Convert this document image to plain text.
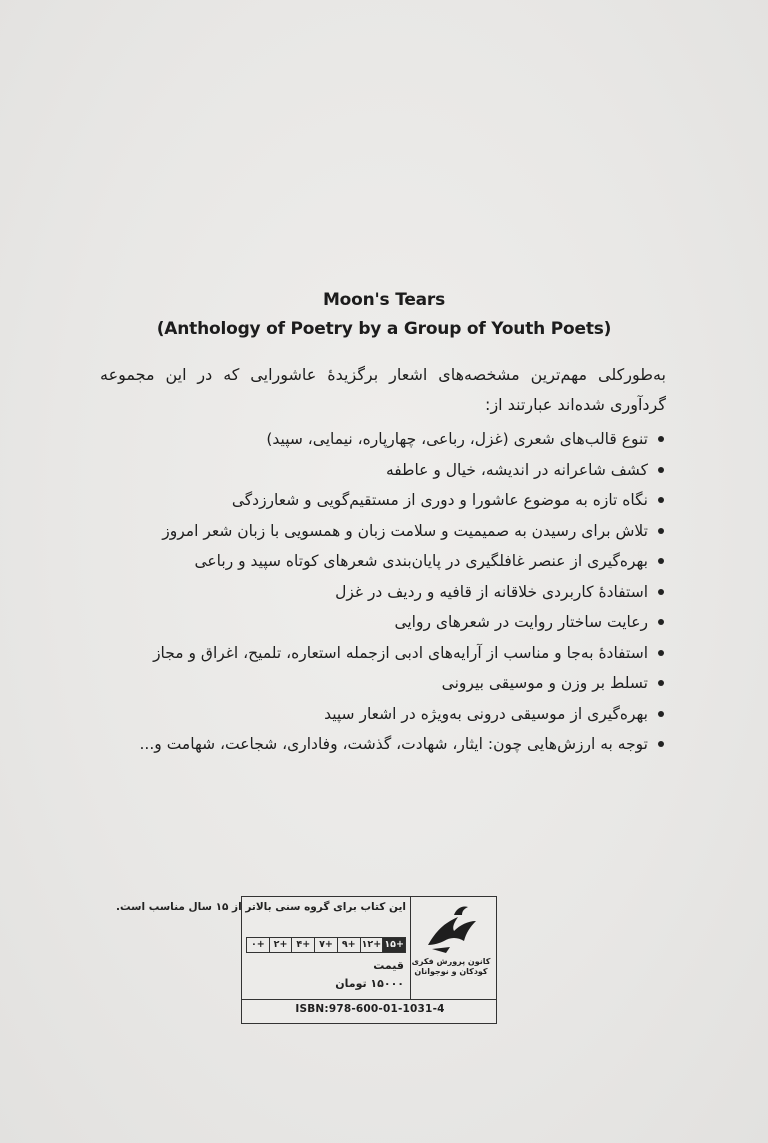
Moon's Tears
(Anthology of Poetry by a Group of Youth Poets)

به‌طورکلی مهم‌ترین مشخصه‌های اشعار برگزیدهٔ عاشورایی که در این مجموعه گردآوری شده‌اند عبارتند از:

تنوع قالب‌های شعری (غزل، رباعی، چهارپاره، نیمایی، سپید)
کشف شاعرانه در اندیشه، خیال و عاطفه
نگاه تازه به موضوع عاشورا و دوری از مستقیم‌گویی و شعارزدگی
تلاش برای رسیدن به صمیمیت و سلامت زبان و همسویی با زبان شعر امروز
بهره‌گیری از عنصر غافلگیری در پایان‌بندی شعرهای کوتاه سپید و رباعی
استفادهٔ کاربردی خلاقانه از قافیه و ردیف در غزل
رعایت ساختار روایت در شعرهای روایی
استفادهٔ به‌جا و مناسب از آرایه‌های ادبی ازجمله استعاره، تلمیح، اغراق و مجاز
تسلط بر وزن و موسیقی بیرونی
بهره‌گیری از موسیقی درونی به‌ویژه در اشعار سپید
توجه به ارزش‌هایی چون: ایثار، شهادت، گذشت، وفاداری، شجاعت، شهامت و...
این کتاب برای گروه سنی بالاتر از ۱۵ سال مناسب است.
+۱۵
+۱۲
+۹
+۷
+۴
+۲
+۰
کانون پرورش فکری کودکان و نوجوانان
قیمت
۱۵۰۰۰ تومان
ISBN:978-600-01-1031-4
